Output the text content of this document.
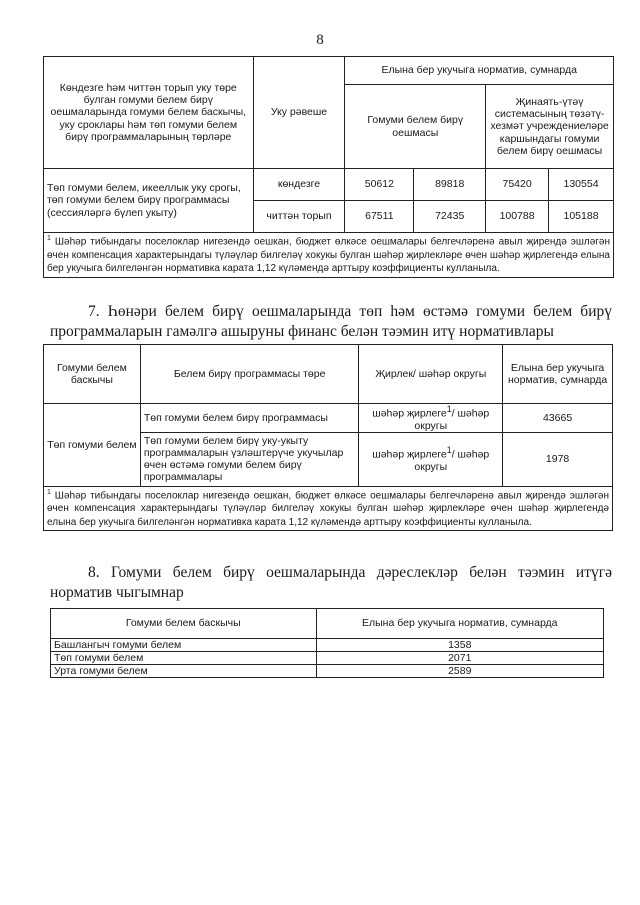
8
Көндезге һәм читтән торып уку төре булган гомуми белем бирү оешмаларында гомуми белем баскычы, уку сроклары һәм төп гомуми белем бирү программаларының төрләре	Уку рәвеше	Елына бер укучыга норматив, сумнарда			
		Гомуми белем бирү оешмасы		Җинаять-үтәү системасының төзәтү-хезмәт учреждениеләре каршындагы гомуми белем бирү оешмасы	
Төп гомуми белем, икееллык уку срогы, төп гомуми белем бирү программасы (сессияләргә бүлеп укыту)	көндезге	50612	89818	75420	130554
	читтән торып	67511	72435	100788	105188
$^1$ Шәһәр тибындагы поселоклар нигезендә оешкан, бюджет өлкәсе оешмалары белгечләренә авыл җирендә эшләгән өчен компенсация характерындагы түләүләр билгеләү хокукы булган шәһәр җирлекләре өчен шәһәр җирлегендә елына бер укучыга билгеләнгән нормативка карата 1,12 күләмендә арттыру коэффициенты кулланыла.					
7. Һөнәри белем бирү оешмаларында төп һәм өстәмә гомуми белем бирү программаларын гамәлгә ашыруны финанс белән тәэмин итү нормативлары
Гомуми белем баскычы	Белем бирү программасы төре	Җирлек/ шәһәр округы	Елына бер укучыга норматив, сумнарда
Төп гомуми белем	Төп гомуми белем бирү программасы	шәһәр җирлеге$^1$/ шәһәр округы	43665
	Төп гомуми белем бирү уку-укыту программаларын үзләштерүче укучылар өчен өстәмә гомуми белем бирү программалары	шәһәр җирлеге$^1$/ шәһәр округы	1978
$^1$ Шәһәр тибындагы поселоклар нигезендә оешкан, бюджет өлкәсе оешмалары белгечләренә авыл җирендә эшләгән өчен компенсация характерындагы түләүләр билгеләү хокукы булган шәһәр җирлекләре өчен шәһәр җирлегендә елына бер укучыга билгеләнгән нормативка карата 1,12 күләмендә арттыру коэффициенты кулланыла.			
8. Гомуми белем бирү оешмаларында дәреслекләр белән тәэмин итүгә норматив чыгымнар
Гомуми белем баскычы	Елына бер укучыга норматив, сумнарда
Башлангыч гомуми белем	1358
Төп гомуми белем	2071
Урта гомуми белем	2589
